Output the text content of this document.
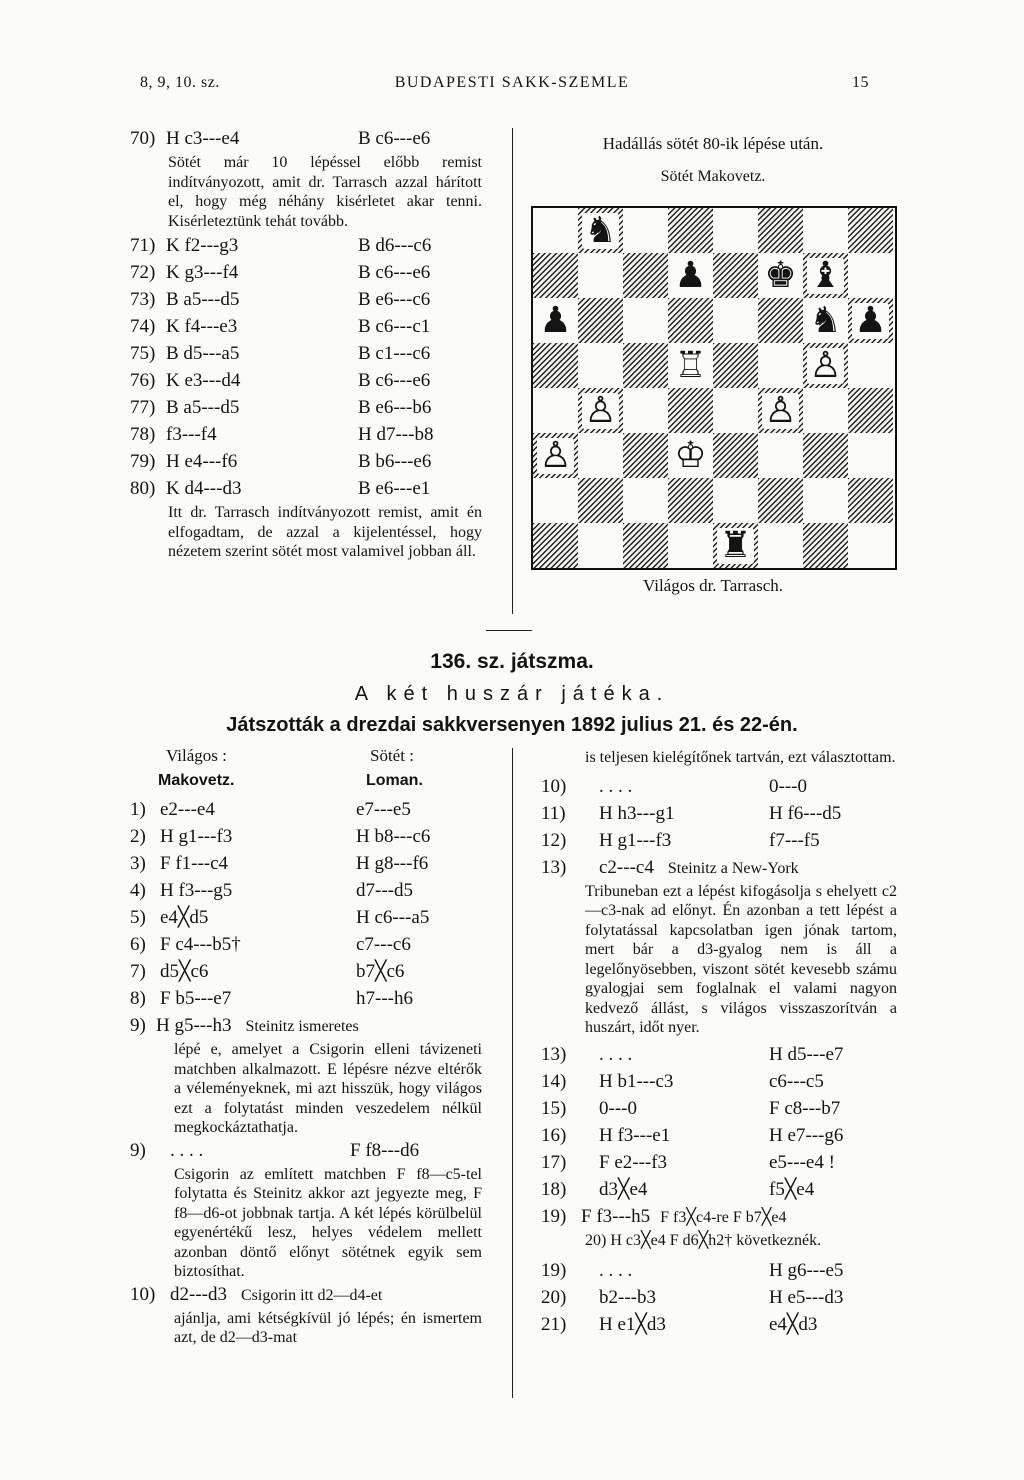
8, 9, 10. sz.	BUDAPESTI SAKK-SZEMLE	15
70) H c3---e4	B c6---e6
Sötét már 10 lépéssel előbb remist indítványozott, amit dr. Tarrasch azzal hárított el, hogy még néhány kisérletet akar tenni. Kisérleteztünk tehát tovább.
71) K f2---g3	B d6---c6
72) K g3---f4	B c6---e6
73) B a5---d5	B e6---c6
74) K f4---e3	B c6---c1
75) B d5---a5	B c1---c6
76) K e3---d4	B c6---e6
77) B a5---d5	B e6---b6
78) f3---f4	H d7---b8
79) H e4---f6	B b6---e6
80) K d4---d3	B e6---e1
Itt dr. Tarrasch indítványozott remist, amit én elfogadtam, de azzal a kijelentéssel, hogy nézetem szerint sötét most valamivel jobban áll.
Hadállás sötét 80-ik lépése után.
Sötét Makovetz.
♞
♟ ♚ ♝
♟	♞ ♟
♖	♙
♙	♙
♙	♔
♜
Világos dr. Tarrasch.
136. sz. játszma.
A két huszár játéka.
Játszották a drezdai sakkversenyen 1892 julius 21. és 22-én.
Világos :
Makovetz.
Sötét :
Loman.
1) e2---e4	e7---e5
2) H g1---f3	H b8---c6
3) F f1---c4	H g8---f6
4) H f3---g5	d7---d5
5) e4╳d5	H c6---a5
6) F c4---b5†	c7---c6
7) d5╳c6	b7╳c6
8) F b5---e7	h7---h6
9) H g5---h3 Steinitz ismeretes
lépé e, amelyet a Csigorin elleni távizeneti matchben alkalmazott. E lépésre nézve eltérők a véleményeknek, mi azt hisszük, hogy világos ezt a folytatást minden veszedelem nélkül megkockáztathatja.
9)	. . . .	F f8---d6
Csigorin az említett matchben F f8—c5-tel folytatta és Steinitz akkor azt jegyezte meg, F f8—d6-ot jobbnak tartja. A két lépés körülbelül egyenértékű lesz, helyes védelem mellett azonban döntő előnyt sötétnek egyik sem biztosíthat.
10) d2---d3 Csigorin itt d2—d4-et
ajánlja, ami kétségkívül jó lépés; én ismertem azt, de d2—d3-mat
is teljesen kielégítőnek tartván, ezt választottam.
10)	. . . .	0---0
11)	H h3---g1	H f6---d5
12)	H g1---f3	f7---f5
13)	c2---c4 Steinitz a New-York
Tribuneban ezt a lépést kifogásolja s ehelyett c2—c3-nak ad előnyt. Én azonban a tett lépést a folytatással kapcsolatban igen jónak tartom, mert bár a d3-gyalog nem is áll a legelőnyösebben, viszont sötét kevesebb számu gyalogjai sem foglalnak el valami nagyon kedvező állást, s világos visszaszorítván a huszárt, időt nyer.
13)	. . . .	H d5---e7
14)	H b1---c3	c6---c5
15)	0---0	F c8---b7
16)	H f3---e1	H e7---g6
17)	F e2---f3	e5---e4 !
18)	d3╳e4	f5╳e4
19) F f3---h5 F f3╳c4-re F b7╳e4
20) H c3╳e4 F d6╳h2† következnék.
19)	. . . .	H g6---e5
20)	b2---b3	H e5---d3
21)	H e1╳d3	e4╳d3
